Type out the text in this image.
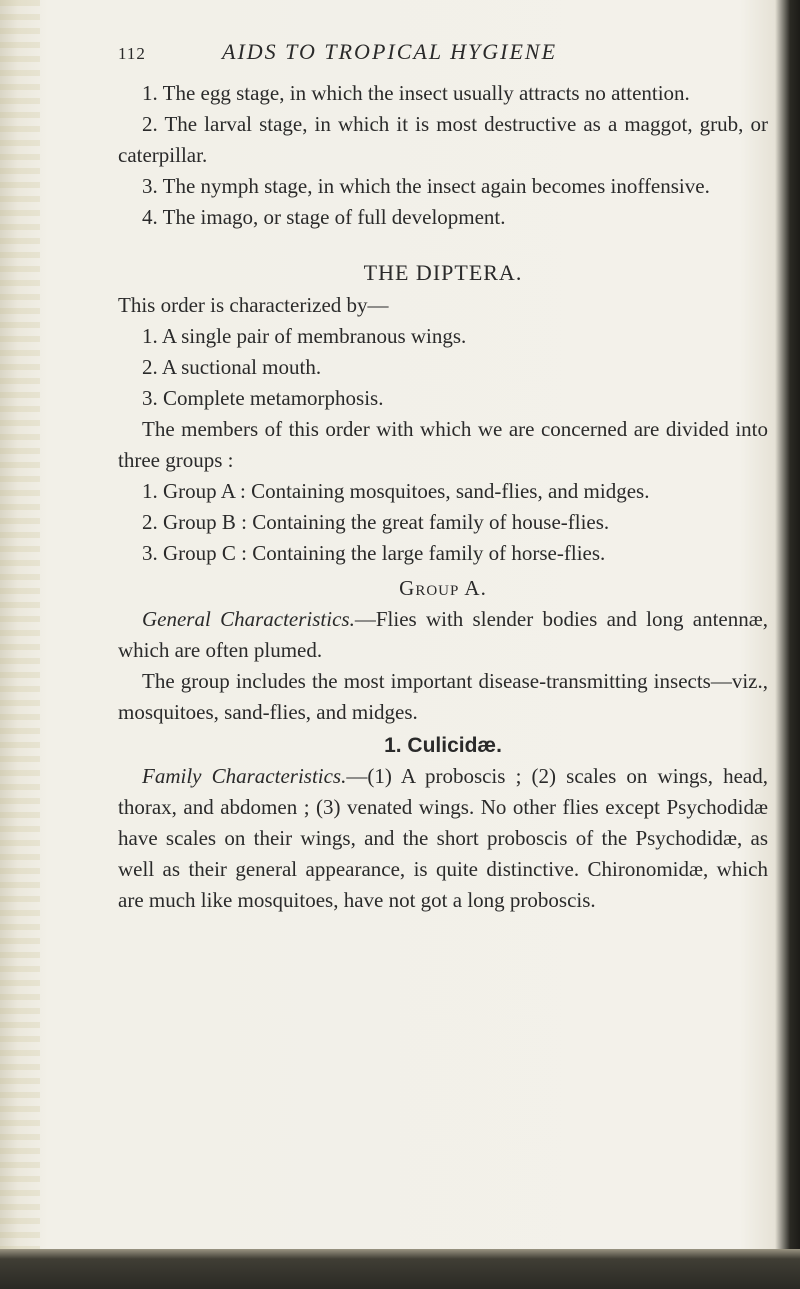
112	AIDS TO TROPICAL HYGIENE

1. The egg stage, in which the insect usually attracts no attention.

2. The larval stage, in which it is most destructive as a maggot, grub, or caterpillar.

3. The nymph stage, in which the insect again becomes inoffensive.

4. The imago, or stage of full development.

THE DIPTERA.

This order is characterized by—

1. A single pair of membranous wings.

2. A suctional mouth.

3. Complete metamorphosis.

The members of this order with which we are concerned are divided into three groups :

1. Group A : Containing mosquitoes, sand-flies, and midges.

2. Group B : Containing the great family of house-flies.

3. Group C : Containing the large family of horse-flies.

Group A.

General Characteristics.—Flies with slender bodies and long antennæ, which are often plumed.

The group includes the most important disease-transmitting insects—viz., mosquitoes, sand-flies, and midges.

1. Culicidæ.

Family Characteristics.—(1) A proboscis ; (2) scales on wings, head, thorax, and abdomen ; (3) venated wings. No other flies except Psychodidæ have scales on their wings, and the short proboscis of the Psychodidæ, as well as their general appearance, is quite distinctive. Chironomidæ, which are much like mosquitoes, have not got a long proboscis.
